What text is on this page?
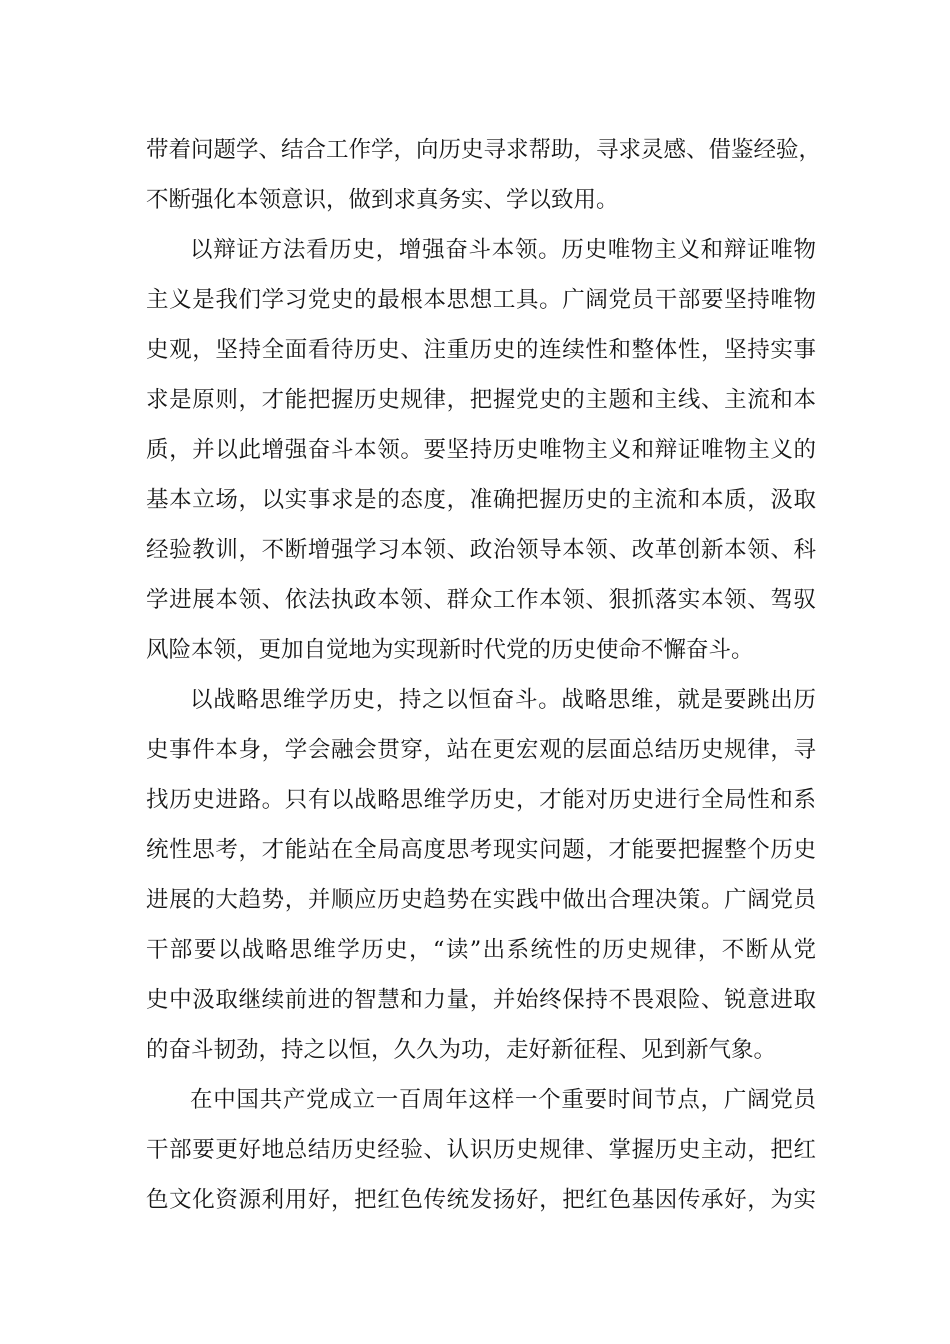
带着问题学、结合工作学，向历史寻求帮助，寻求灵感、借鉴经验，
不断强化本领意识，做到求真务实、学以致用。
以辩证方法看历史，增强奋斗本领。历史唯物主义和辩证唯物
主义是我们学习党史的最根本思想工具。广阔党员干部要坚持唯物
史观，坚持全面看待历史、注重历史的连续性和整体性，坚持实事
求是原则，才能把握历史规律，把握党史的主题和主线、主流和本
质，并以此增强奋斗本领。要坚持历史唯物主义和辩证唯物主义的
基本立场，以实事求是的态度，准确把握历史的主流和本质，汲取
经验教训，不断增强学习本领、政治领导本领、改革创新本领、科
学进展本领、依法执政本领、群众工作本领、狠抓落实本领、驾驭
风险本领，更加自觉地为实现新时代党的历史使命不懈奋斗。
以战略思维学历史，持之以恒奋斗。战略思维，就是要跳出历
史事件本身，学会融会贯穿，站在更宏观的层面总结历史规律，寻
找历史进路。只有以战略思维学历史，才能对历史进行全局性和系
统性思考，才能站在全局高度思考现实问题，才能要把握整个历史
进展的大趋势，并顺应历史趋势在实践中做出合理决策。广阔党员
干部要以战略思维学历史，“读”出系统性的历史规律，不断从党
史中汲取继续前进的智慧和力量，并始终保持不畏艰险、锐意进取
的奋斗韧劲，持之以恒，久久为功，走好新征程、见到新气象。
在中国共产党成立一百周年这样一个重要时间节点，广阔党员
干部要更好地总结历史经验、认识历史规律、掌握历史主动，把红
色文化资源利用好，把红色传统发扬好，把红色基因传承好，为实
